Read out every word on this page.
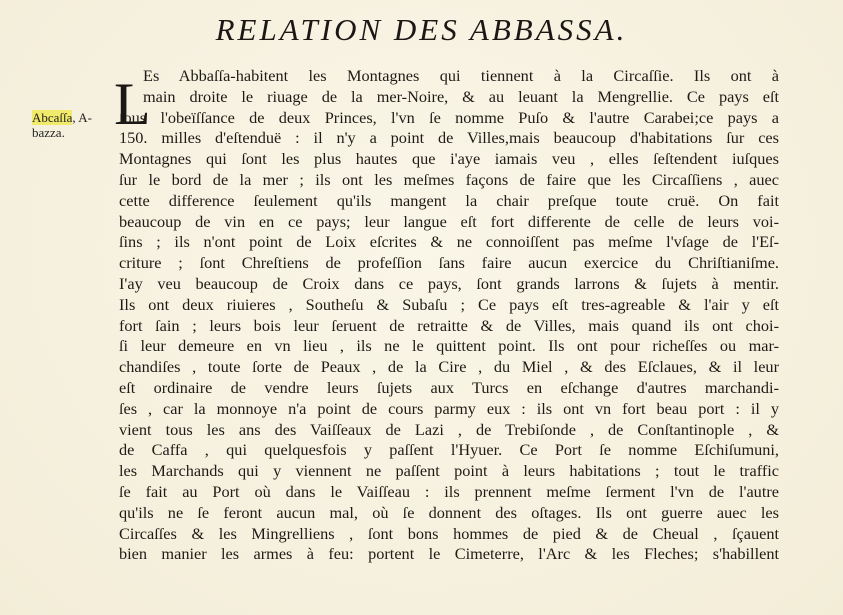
RELATION DES ABBASSA.
Abcaſſa, A-
bazza. L
Es Abbaſſa-habitent les Montagnes qui tiennent à la Circaſſie. Ils ont à
main droite le riuage de la mer-Noire, & au leuant la Mengrellie. Ce pays eſt
ſous l'obeïſſance de deux Princes, l'vn ſe nomme Puſo & l'autre Carabei;ce pays a
150. milles d'eſtenduë : il n'y a point de Villes,mais beaucoup d'habitations ſur ces
Montagnes qui ſont les plus hautes que i'aye iamais veu , elles ſeſtendent iuſques
ſur le bord de la mer ; ils ont les meſmes façons de faire que les Circaſſiens , auec
cette difference ſeulement qu'ils mangent la chair preſque toute cruë. On fait
beaucoup de vin en ce pays; leur langue eſt fort differente de celle de leurs voi-
ſins ; ils n'ont point de Loix eſcrites & ne connoiſſent pas meſme l'vſage de l'Eſ-
criture ; ſont Chreſtiens de profeſſion ſans faire aucun exercice du Chriſtianiſme.
I'ay veu beaucoup de Croix dans ce pays, ſont grands larrons & ſujets à mentir.
Ils ont deux riuieres , Southeſu & Subaſu ; Ce pays eſt tres-agreable & l'air y eſt
fort ſain ; leurs bois leur ſeruent de retraitte & de Villes, mais quand ils ont choi-
ſi leur demeure en vn lieu , ils ne le quittent point. Ils ont pour richeſſes ou mar-
chandiſes , toute ſorte de Peaux , de la Cire , du Miel , & des Eſclaues, & il leur
eſt ordinaire de vendre leurs ſujets aux Turcs en eſchange d'autres marchandi-
ſes , car la monnoye n'a point de cours parmy eux : ils ont vn fort beau port : il y
vient tous les ans des Vaiſſeaux de Lazi , de Trebiſonde , de Conſtantinople , &
de Caffa , qui quelquesfois y paſſent l'Hyuer. Ce Port ſe nomme Eſchiſumuni,
les Marchands qui y viennent ne paſſent point à leurs habitations ; tout le traffic
ſe fait au Port où dans le Vaiſſeau : ils prennent meſme ſerment l'vn de l'autre
qu'ils ne ſe feront aucun mal, où ſe donnent des oſtages. Ils ont guerre auec les
Circaſſes & les Mingrelliens , ſont bons hommes de pied & de Cheual , ſçauent
bien manier les armes à feu: portent le Cimeterre, l'Arc & les Fleches; s'habillent
